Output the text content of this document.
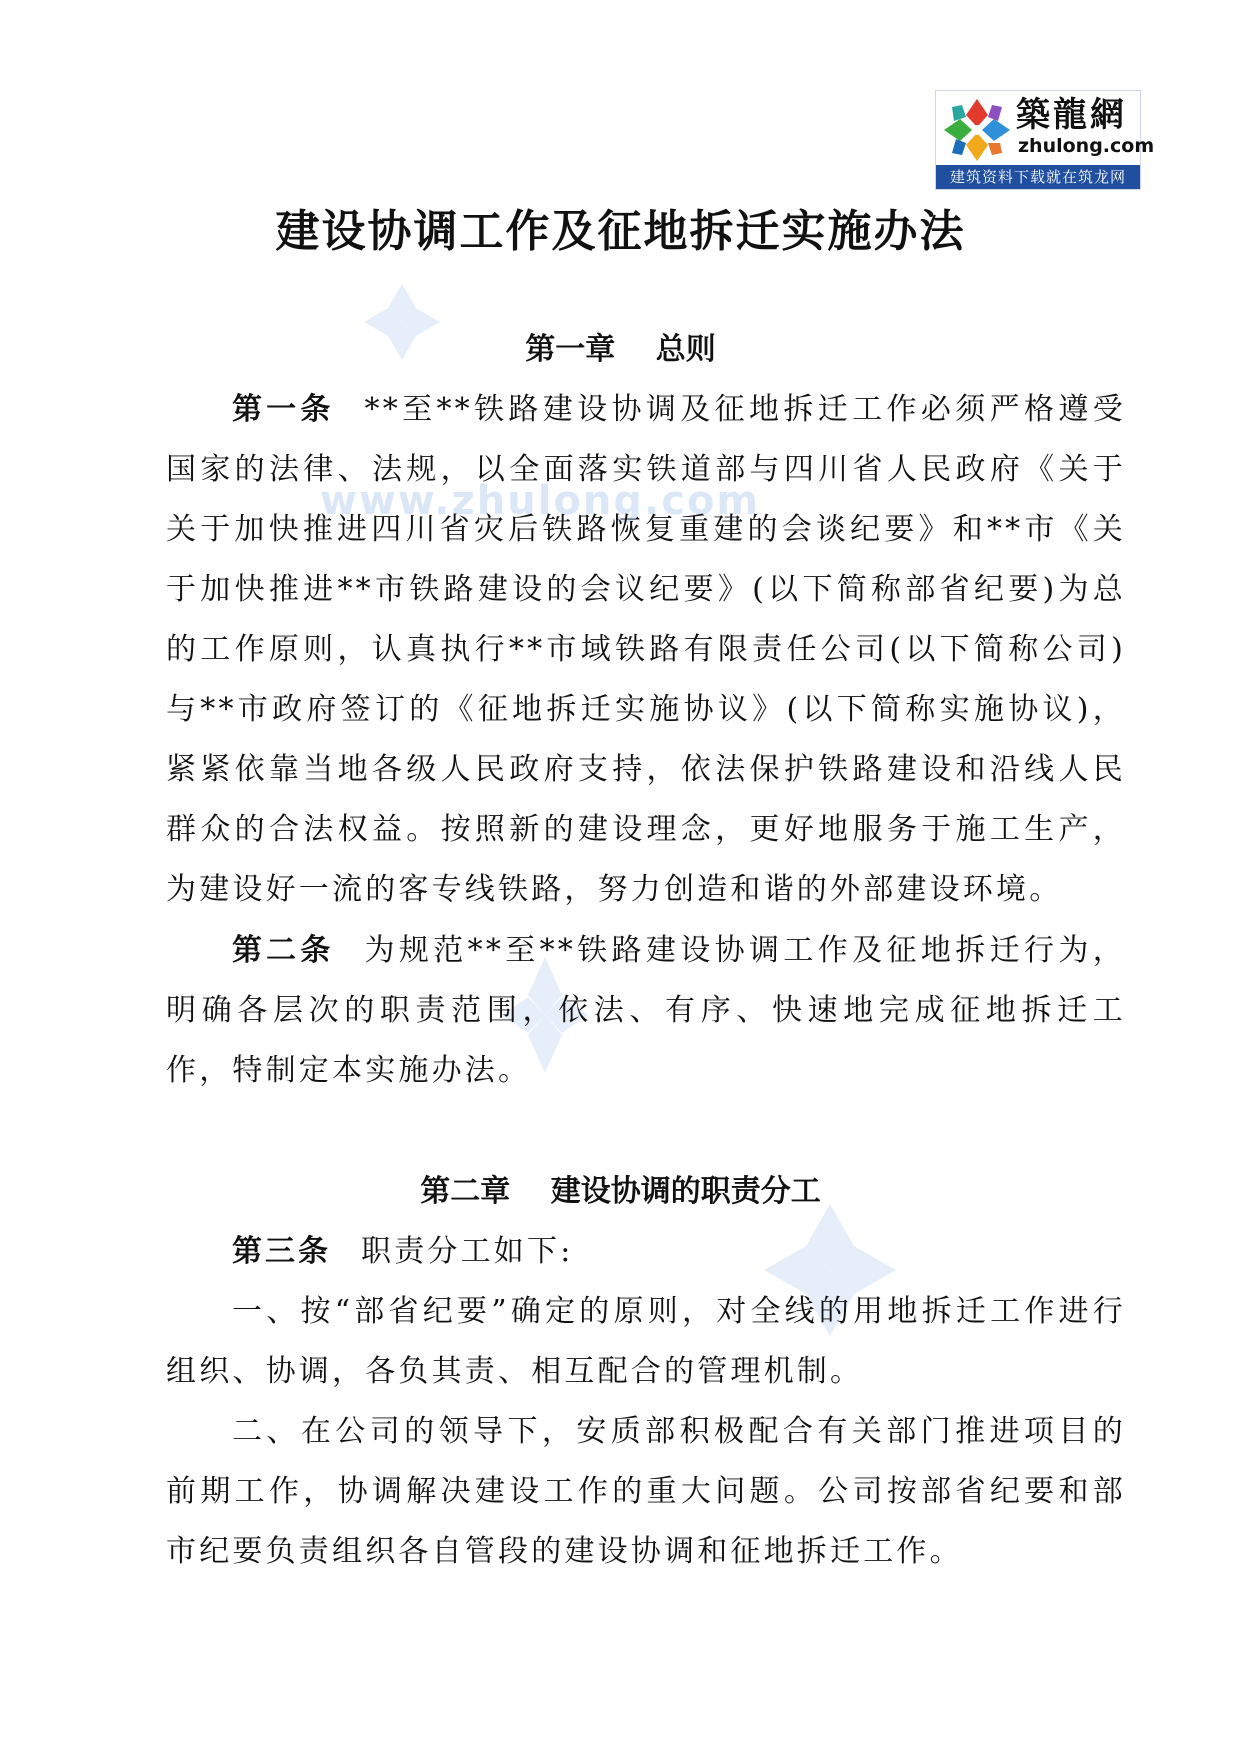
築龍網
zhulong.com
建筑资料下载就在筑龙网
www.zhulong.com
建设协调工作及征地拆迁实施办法
第一章　 总则

第一条 **至**铁路建设协调及征地拆迁工作必须严格遵受国家的法律、法规，以全面落实铁道部与四川省人民政府《关于关于加快推进四川省灾后铁路恢复重建的会谈纪要》和**市《关于加快推进**市铁路建设的会议纪要》(以下简称部省纪要)为总的工作原则，认真执行**市域铁路有限责任公司(以下简称公司)与**市政府签订的《征地拆迁实施协议》(以下简称实施协议)，紧紧依靠当地各级人民政府支持，依法保护铁路建设和沿线人民群众的合法权益。按照新的建设理念，更好地服务于施工生产，为建设好一流的客专线铁路，努力创造和谐的外部建设环境。

第二条 为规范**至**铁路建设协调工作及征地拆迁行为，明确各层次的职责范围，依法、有序、快速地完成征地拆迁工作，特制定本实施办法。

第二章　 建设协调的职责分工

第三条 职责分工如下:

一、按“部省纪要”确定的原则，对全线的用地拆迁工作进行组织、协调，各负其责、相互配合的管理机制。

二、在公司的领导下，安质部积极配合有关部门推进项目的前期工作，协调解决建设工作的重大问题。公司按部省纪要和部市纪要负责组织各自管段的建设协调和征地拆迁工作。
